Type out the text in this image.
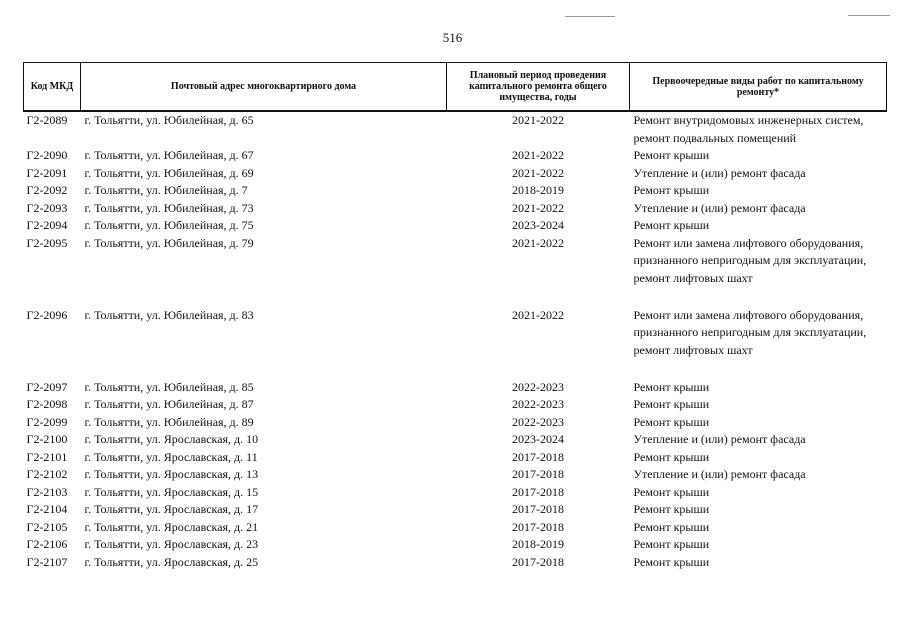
516
Код МКД	Почтовый адрес многоквартирного дома	Плановый период проведения капитального ремонта общего имущества, годы	Первоочередные виды работ по капитальному ремонту*
Г2-2089	г. Тольятти, ул. Юбилейная, д. 65	2021-2022	Ремонт внутридомовых инженерных систем, ремонт подвальных помещений
Г2-2090	г. Тольятти, ул. Юбилейная, д. 67	2021-2022	Ремонт крыши
Г2-2091	г. Тольятти, ул. Юбилейная, д. 69	2021-2022	Утепление и (или) ремонт фасада
Г2-2092	г. Тольятти, ул. Юбилейная, д. 7	2018-2019	Ремонт крыши
Г2-2093	г. Тольятти, ул. Юбилейная, д. 73	2021-2022	Утепление и (или) ремонт фасада
Г2-2094	г. Тольятти, ул. Юбилейная, д. 75	2023-2024	Ремонт крыши
Г2-2095	г. Тольятти, ул. Юбилейная, д. 79	2021-2022	Ремонт или замена лифтового оборудования, признанного непригодным для эксплуатации, ремонт лифтовых шахт
Г2-2096	г. Тольятти, ул. Юбилейная, д. 83	2021-2022	Ремонт или замена лифтового оборудования, признанного непригодным для эксплуатации, ремонт лифтовых шахт
Г2-2097	г. Тольятти, ул. Юбилейная, д. 85	2022-2023	Ремонт крыши
Г2-2098	г. Тольятти, ул. Юбилейная, д. 87	2022-2023	Ремонт крыши
Г2-2099	г. Тольятти, ул. Юбилейная, д. 89	2022-2023	Ремонт крыши
Г2-2100	г. Тольятти, ул. Ярославская, д. 10	2023-2024	Утепление и (или) ремонт фасада
Г2-2101	г. Тольятти, ул. Ярославская, д. 11	2017-2018	Ремонт крыши
Г2-2102	г. Тольятти, ул. Ярославская, д. 13	2017-2018	Утепление и (или) ремонт фасада
Г2-2103	г. Тольятти, ул. Ярославская, д. 15	2017-2018	Ремонт крыши
Г2-2104	г. Тольятти, ул. Ярославская, д. 17	2017-2018	Ремонт крыши
Г2-2105	г. Тольятти, ул. Ярославская, д. 21	2017-2018	Ремонт крыши
Г2-2106	г. Тольятти, ул. Ярославская, д. 23	2018-2019	Ремонт крыши
Г2-2107	г. Тольятти, ул. Ярославская, д. 25	2017-2018	Ремонт крыши
